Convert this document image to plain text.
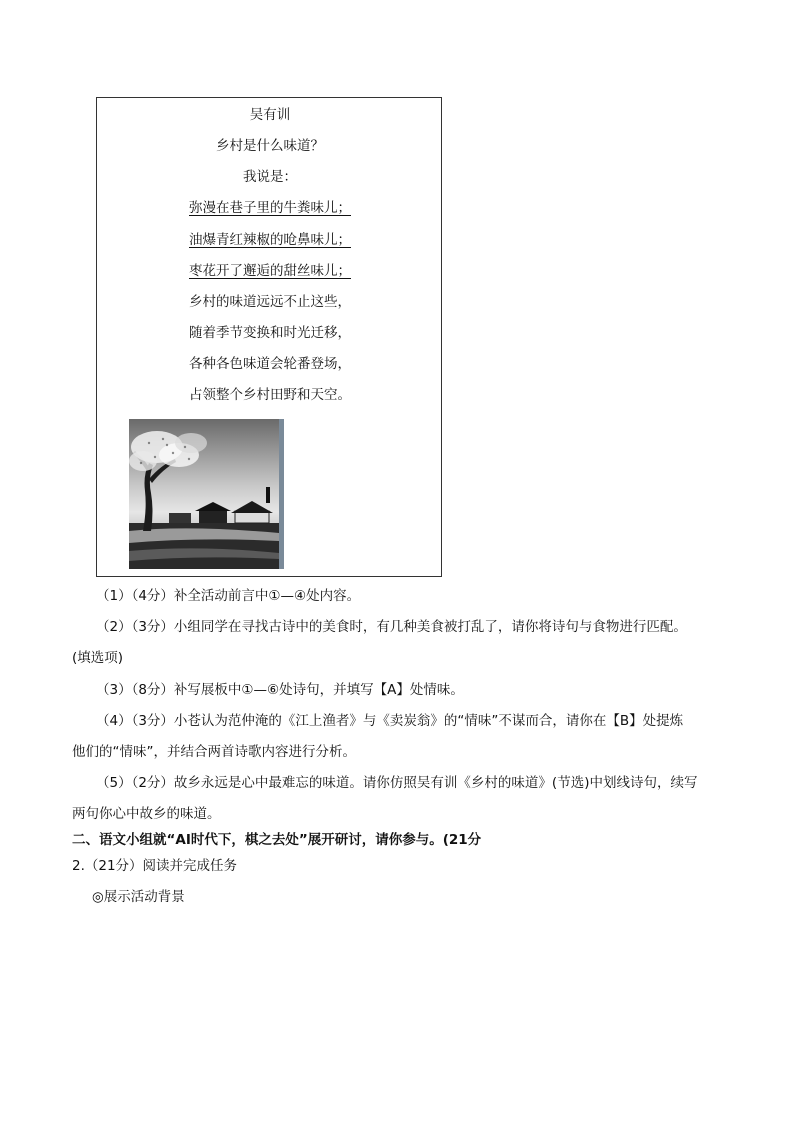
吴有训
乡村是什么味道？
我说是：
弥漫在巷子里的牛粪味儿；
油爆青红辣椒的呛鼻味儿；
枣花开了邂逅的甜丝味儿；
乡村的味道远远不止这些，
随着季节变换和时光迁移，
各种各色味道会轮番登场，
占领整个乡村田野和天空。
（1）（4分）补全活动前言中①—④处内容。
（2）（3分）小组同学在寻找古诗中的美食时，有几种美食被打乱了，请你将诗句与食物进行匹配。
(填选项)
（3）（8分）补写展板中①—⑥处诗句，并填写【A】处情味。
（4）（3分）小苍认为范仲淹的《江上渔者》与《卖炭翁》的“情味”不谋而合，请你在【B】处提炼
他们的“情味”，并结合两首诗歌内容进行分析。
（5）（2分）故乡永远是心中最难忘的味道。请你仿照吴有训《乡村的味道》(节选)中划线诗句，续写
两句你心中故乡的味道。
二、语文小组就“AI时代下，棋之去处”展开研讨，请你参与。(21分
2.（21分）阅读并完成任务
◎展示活动背景
